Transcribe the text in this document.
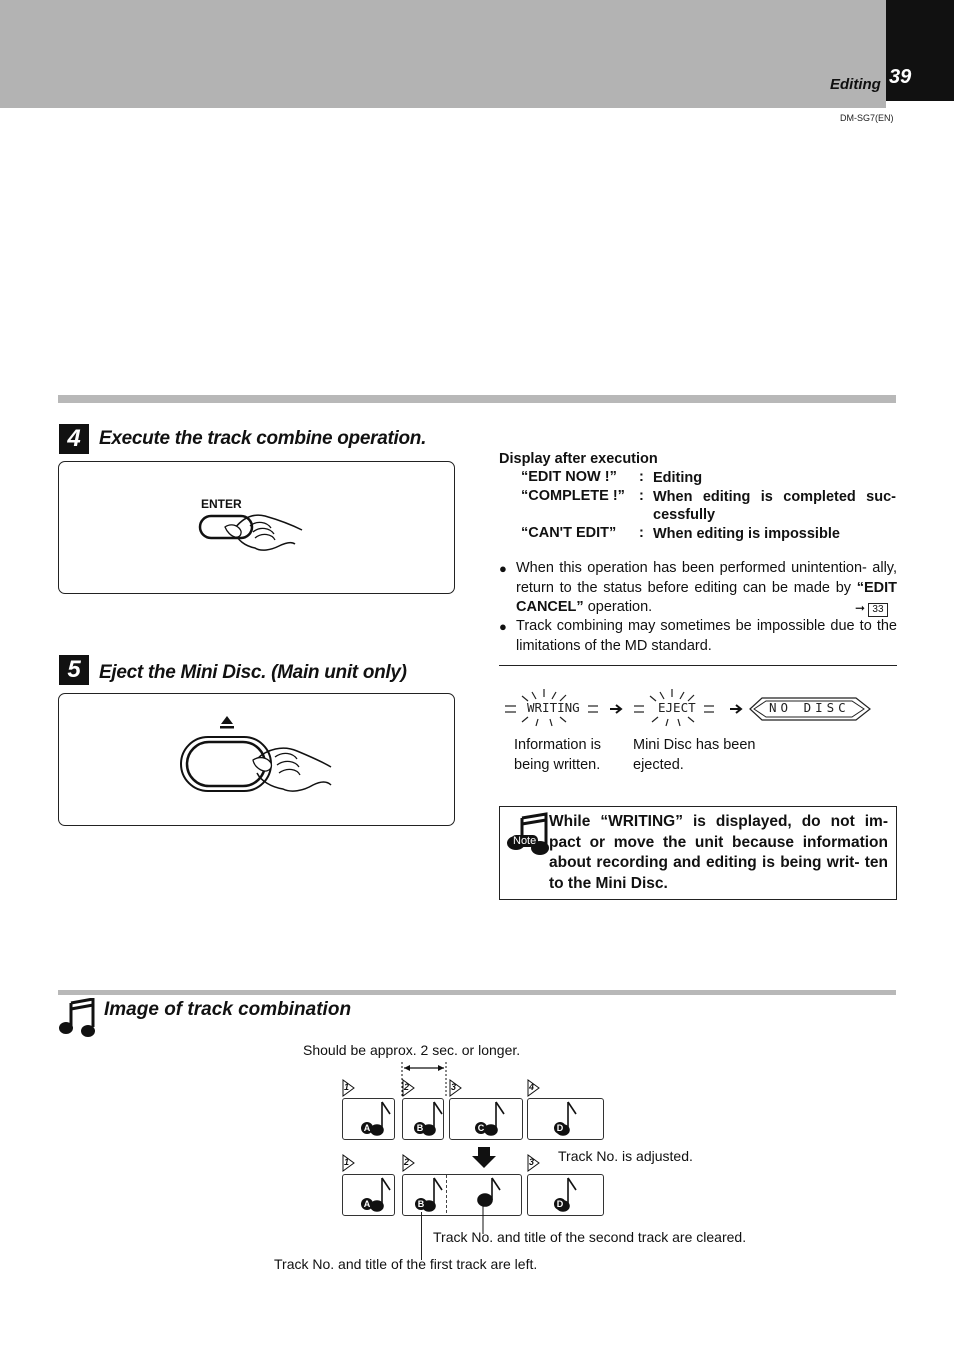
Editing 39
DM-SG7(EN)
4 Execute the track combine operation.
ENTER
5 Eject the Mini Disc. (Main unit only)
Display after execution
“EDIT NOW !” : Editing
“COMPLETE !” : When editing is completed suc- cessfully
“CAN'T EDIT” : When editing is impossible
● When this operation has been performed unintention- ally, return to the status before editing can be made by “EDIT CANCEL” operation.	➞ 33
● Track combining may sometimes be impossible due to the limitations of the MD standard.
WRITING	EJECT	NO DISC
Information is being written.
Mini Disc has been ejected.
Note
While “WRITING” is displayed, do not im- pact or move the unit because information about recording and editing is being writ- ten to the Mini Disc.
Image of track combination
Should be approx. 2 sec. or longer.
1	2	3	4
A	B	C	D
Track No. is adjusted.
1	2	3
A	B	D
Track No. and title of the second track are cleared.
Track No. and title of the first track are left.
